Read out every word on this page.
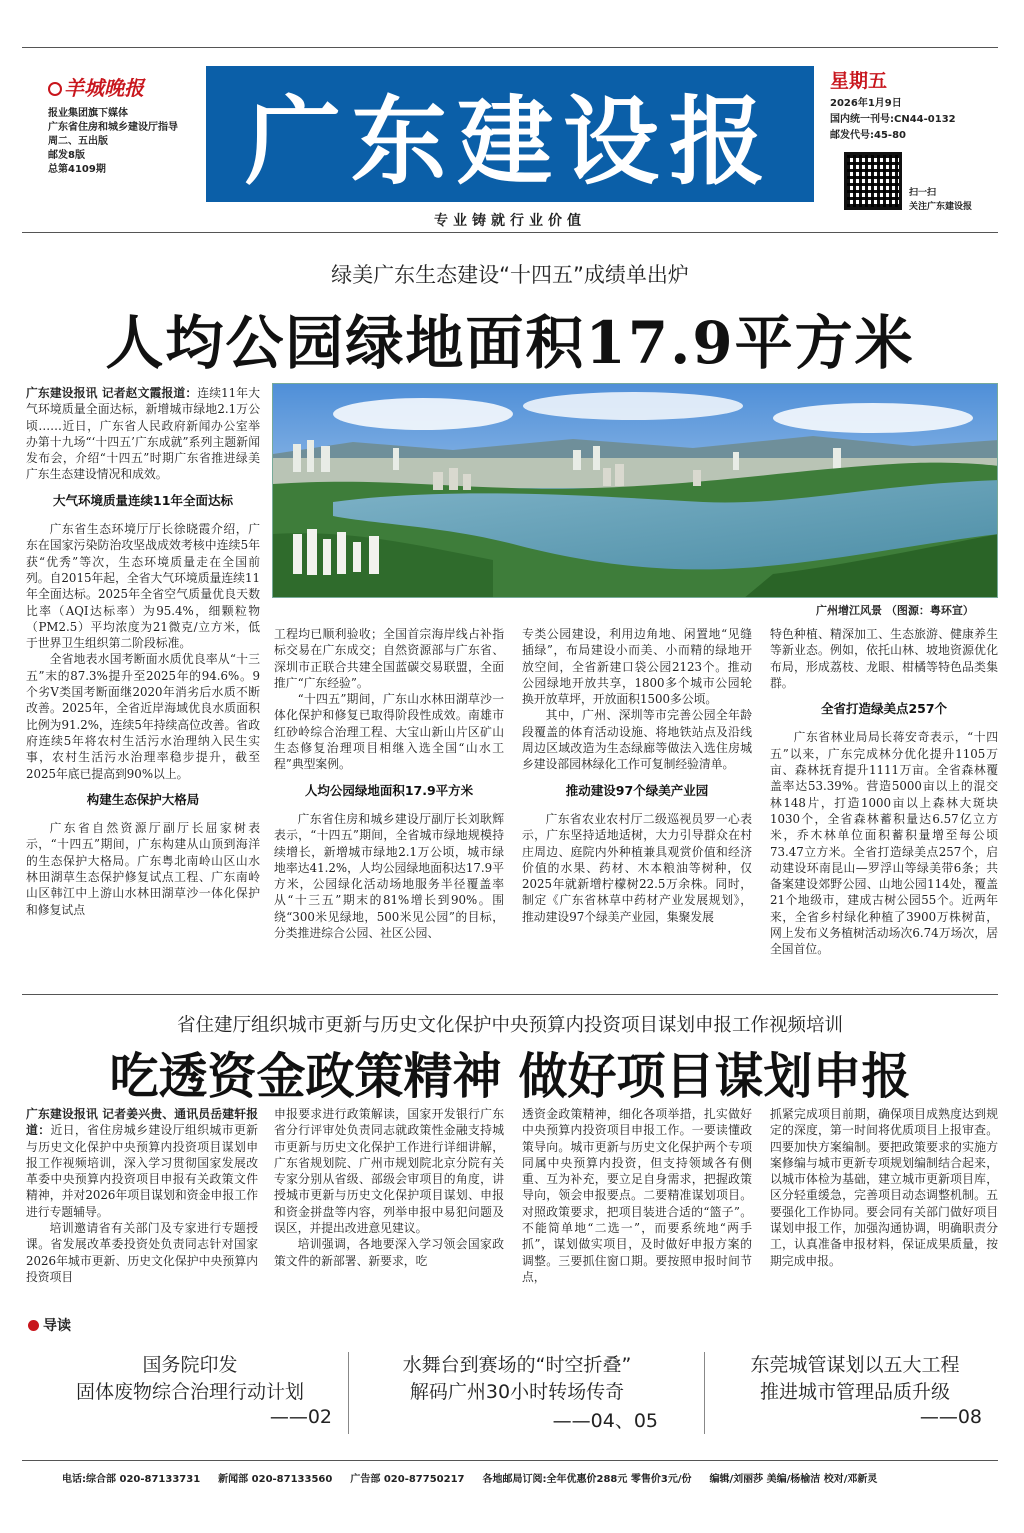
羊城晚报
报业集团旗下媒体
广东省住房和城乡建设厅指导
周二、五出版
邮发8版
总第4109期	广东建设报
专业铸就行业价值
星期五
2026年1月9日
国内统一刊号:CN44-0132
邮发代号:45-80
扫一扫
关注广东建设报
绿美广东生态建设“十四五”成绩单出炉
人均公园绿地面积17.9平方米
广州增江风景 （图源：粤环宣）

广东建设报讯 记者赵文霞报道：连续11年大气环境质量全面达标，新增城市绿地2.1万公顷……近日，广东省人民政府新闻办公室举办第十九场“‘十四五’广东成就”系列主题新闻发布会，介绍“十四五”时期广东省推进绿美广东生态建设情况和成效。

大气环境质量连续11年全面达标

广东省生态环境厅厅长徐晓霞介绍，广东在国家污染防治攻坚战成效考核中连续5年获“优秀”等次，生态环境质量走在全国前列。自2015年起，全省大气环境质量连续11年全面达标。2025年全省空气质量优良天数比率（AQI达标率）为95.4%，细颗粒物（PM2.5）平均浓度为21微克/立方米，低于世界卫生组织第二阶段标准。

全省地表水国考断面水质优良率从“十三五”末的87.3%提升至2025年的94.6%。9个劣V类国考断面继2020年消劣后水质不断改善。2025年，全省近岸海域优良水质面积比例为91.2%，连续5年持续高位改善。省政府连续5年将农村生活污水治理纳入民生实事，农村生活污水治理率稳步提升，截至2025年底已提高到90%以上。

构建生态保护大格局

广东省自然资源厅副厅长屈家树表示，“十四五”期间，广东构建从山顶到海洋的生态保护大格局。广东粤北南岭山区山水林田湖草生态保护修复试点工程、广东南岭山区韩江中上游山水林田湖草沙一体化保护和修复试点

工程均已顺利验收；全国首宗海岸线占补指标交易在广东成交；自然资源部与广东省、深圳市正联合共建全国蓝碳交易联盟，全面推广“广东经验”。

“十四五”期间，广东山水林田湖草沙一体化保护和修复已取得阶段性成效。南雄市红砂岭综合治理工程、大宝山新山片区矿山生态修复治理项目相继入选全国“山水工程”典型案例。

人均公园绿地面积17.9平方米

广东省住房和城乡建设厅副厅长刘耿辉表示，“十四五”期间，全省城市绿地规模持续增长，新增城市绿地2.1万公顷，城市绿地率达41.2%，人均公园绿地面积达17.9平方米，公园绿化活动场地服务半径覆盖率从“十三五”期末的81%增长到90%。围绕“300米见绿地，500米见公园”的目标，分类推进综合公园、社区公园、

专类公园建设，利用边角地、闲置地“见缝插绿”，布局建设小而美、小而精的绿地开放空间，全省新建口袋公园2123个。推动公园绿地开放共享，1800多个城市公园轮换开放草坪，开放面积1500多公顷。

其中，广州、深圳等市完善公园全年龄段覆盖的体育活动设施、将地铁站点及沿线周边区域改造为生态绿廊等做法入选住房城乡建设部园林绿化工作可复制经验清单。

推动建设97个绿美产业园

广东省农业农村厅二级巡视员罗一心表示，广东坚持适地适树，大力引导群众在村庄周边、庭院内外种植兼具观赏价值和经济价值的水果、药材、木本粮油等树种，仅2025年就新增柠檬树22.5万余株。同时，制定《广东省林草中药材产业发展规划》，推动建设97个绿美产业园，集聚发展

特色种植、精深加工、生态旅游、健康养生等新业态。例如，依托山林、坡地资源优化布局，形成荔枝、龙眼、柑橘等特色品类集群。

全省打造绿美点257个

广东省林业局局长蒋安奇表示，“十四五”以来，广东完成林分优化提升1105万亩、森林抚育提升1111万亩。全省森林覆盖率达53.39%。营造5000亩以上的混交林148片，打造1000亩以上森林大斑块1030个，全省森林蓄积量达6.57亿立方米，乔木林单位面积蓄积量增至每公顷73.47立方米。全省打造绿美点257个，启动建设环南昆山—罗浮山等绿美带6条；共备案建设郊野公园、山地公园114处，覆盖21个地级市，建成古树公园55个。近两年来，全省乡村绿化种植了3900万株树苗，网上发布义务植树活动场次6.74万场次，居全国首位。

省住建厅组织城市更新与历史文化保护中央预算内投资项目谋划申报工作视频培训
吃透资金政策精神 做好项目谋划申报

广东建设报讯 记者姜兴贵、通讯员岳建轩报道：近日，省住房城乡建设厅组织城市更新与历史文化保护中央预算内投资项目谋划申报工作视频培训，深入学习贯彻国家发展改革委中央预算内投资项目申报有关政策文件精神，并对2026年项目谋划和资金申报工作进行专题辅导。

培训邀请省有关部门及专家进行专题授课。省发展改革委投资处负责同志针对国家2026年城市更新、历史文化保护中央预算内投资项目

申报要求进行政策解读，国家开发银行广东省分行评审处负责同志就政策性金融支持城市更新与历史文化保护工作进行详细讲解，广东省规划院、广州市规划院北京分院有关专家分别从省级、部级会审项目的角度，讲授城市更新与历史文化保护项目谋划、申报和资金拼盘等内容，列举申报中易犯问题及误区，并提出改进意见建议。

培训强调，各地要深入学习领会国家政策文件的新部署、新要求，吃

透资金政策精神，细化各项举措，扎实做好中央预算内投资项目申报工作。一要读懂政策导向。城市更新与历史文化保护两个专项同属中央预算内投资，但支持领域各有侧重、互为补充，要立足自身需求，把握政策导向，领会申报要点。二要精准谋划项目。对照政策要求，把项目装进合适的“篮子”。不能简单地“二选一”，而要系统地“两手抓”，谋划做实项目，及时做好申报方案的调整。三要抓住窗口期。要按照申报时间节点，

抓紧完成项目前期，确保项目成熟度达到规定的深度，第一时间将优质项目上报审查。四要加快方案编制。要把政策要求的实施方案修编与城市更新专项规划编制结合起来，以城市体检为基础，建立城市更新项目库，区分轻重缓急，完善项目动态调整机制。五要强化工作协同。要会同有关部门做好项目谋划申报工作，加强沟通协调，明确职责分工，认真准备申报材料，保证成果质量，按期完成申报。

导读
国务院印发
固体废物综合治理行动计划
——02
水舞台到赛场的“时空折叠”
解码广州30小时转场传奇
——04、05
东莞城管谋划以五大工程
推进城市管理品质升级
——08
电话:综合部 020-87133731 新闻部 020-87133560 广告部 020-87750217 各地邮局订阅:全年优惠价288元 零售价3元/份 编辑/刘丽莎 美编/杨榆洁 校对/邓新灵
